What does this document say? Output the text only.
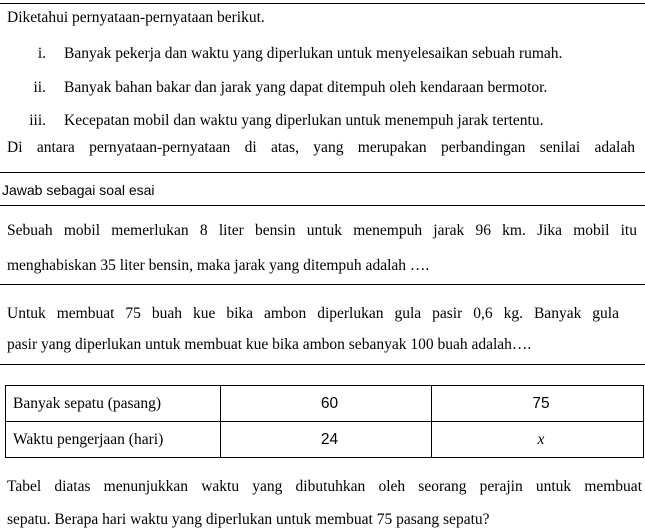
Diketahui pernyataan-pernyataan berikut.
i. Banyak pekerja dan waktu yang diperlukan untuk menyelesaikan sebuah rumah.
ii. Banyak bahan bakar dan jarak yang dapat ditempuh oleh kendaraan bermotor.
iii. Kecepatan mobil dan waktu yang diperlukan untuk menempuh jarak tertentu.
Di antara pernyataan-pernyataan di atas, yang merupakan perbandingan senilai adalah
Jawab sebagai soal esai
Sebuah mobil memerlukan 8 liter bensin untuk menempuh jarak 96 km. Jika mobil itu
menghabiskan 35 liter bensin, maka jarak yang ditempuh adalah ….
Untuk membuat 75 buah kue bika ambon diperlukan gula pasir 0,6 kg. Banyak gula
pasir yang diperlukan untuk membuat kue bika ambon sebanyak 100 buah adalah….
Banyak sepatu (pasang)	60	75
Waktu pengerjaan (hari)	24	x
Tabel diatas menunjukkan waktu yang dibutuhkan oleh seorang perajin untuk membuat
sepatu. Berapa hari waktu yang diperlukan untuk membuat 75 pasang sepatu?
